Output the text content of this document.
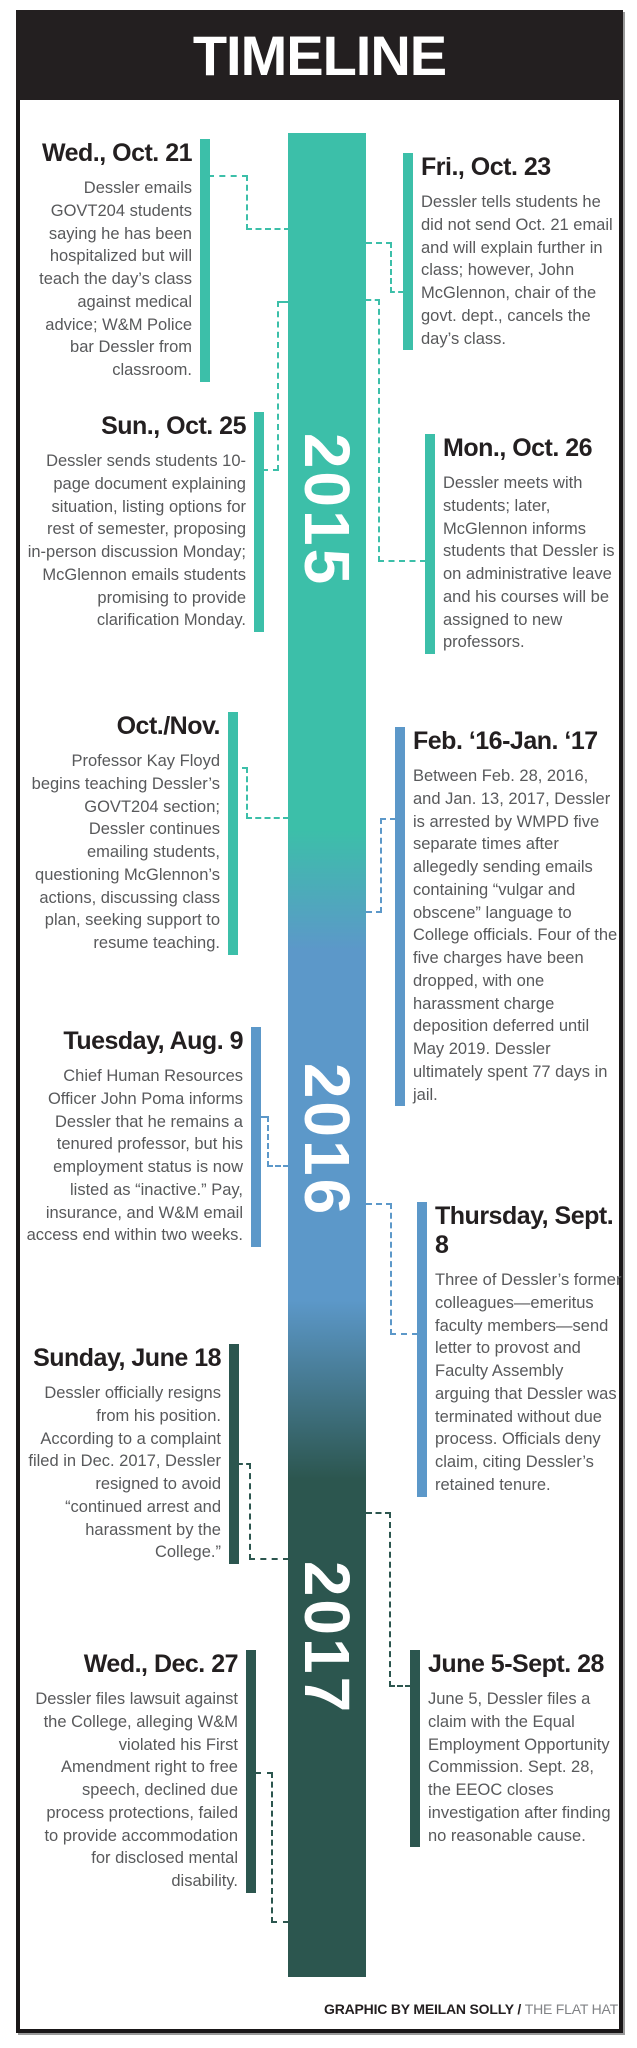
TIMELINE
2015
2016
2017
Wed., Oct. 21

Dessler emails GOVT204 students saying he has been hospitalized but will teach the day’s class against medical advice; W&M Police bar Dessler from classroom.

Fri., Oct. 23

Dessler tells students he did not send Oct. 21 email and will explain further in class; however, John McGlennon, chair of the govt. dept., cancels the day’s class.

Sun., Oct. 25

Dessler sends students 10-page document explaining situation, listing options for rest of semester, proposing in-person discussion Monday; McGlennon emails students promising to provide clarification Monday.

Mon., Oct. 26

Dessler meets with students; later, McGlennon informs students that Dessler is on administrative leave and his courses will be assigned to new professors.

Oct./Nov.

Professor Kay Floyd begins teaching Dessler’s GOVT204 section; Dessler continues emailing students, questioning McGlennon’s actions, discussing class plan, seeking support to resume teaching.

Feb. ‘16-Jan. ‘17

Between Feb. 28, 2016, and Jan. 13, 2017, Dessler is arrested by WMPD five separate times after allegedly sending emails containing “vulgar and obscene” language to College officials. Four of the five charges have been dropped, with one harassment charge deposition deferred until May 2019. Dessler ultimately spent 77 days in jail.

Tuesday, Aug. 9

Chief Human Resources Officer John Poma informs Dessler that he remains a tenured professor, but his employment status is now listed as “inactive.” Pay, insurance, and W&M email access end within two weeks.

Thursday, Sept. 8

Three of Dessler’s former colleagues—emeritus faculty members—send letter to provost and Faculty Assembly arguing that Dessler was terminated without due process. Officials deny claim, citing Dessler’s retained tenure.

Sunday, June 18

Dessler officially resigns from his position. According to a complaint filed in Dec. 2017, Dessler resigned to avoid “continued arrest and harassment by the College.”

Wed., Dec. 27

Dessler files lawsuit against the College, alleging W&M violated his First Amendment right to free speech, declined due process protections, failed to provide accommodation for disclosed mental disability.

June 5-Sept. 28

June 5, Dessler files a claim with the Equal Employment Opportunity Commission. Sept. 28, the EEOC closes investigation after finding no reasonable cause.

GRAPHIC BY MEILAN SOLLY / THE FLAT HAT
